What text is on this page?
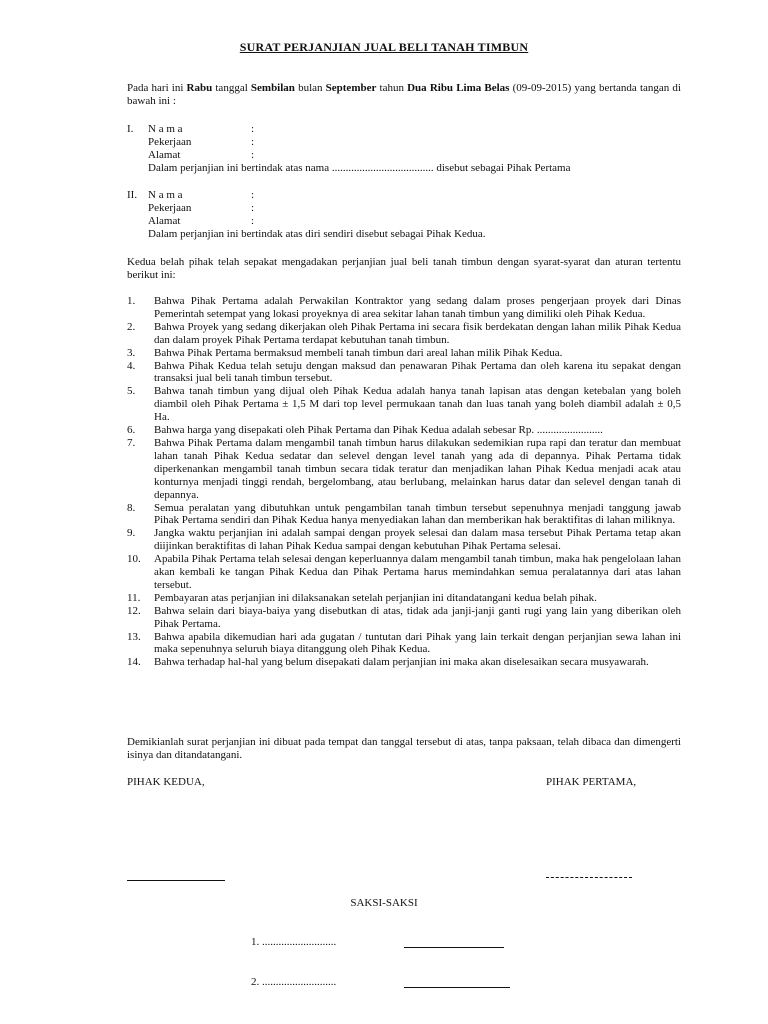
SURAT PERJANJIAN JUAL BELI TANAH TIMBUN
Pada hari ini Rabu tanggal Sembilan bulan September tahun Dua Ribu Lima Belas (09-09-2015) yang bertanda tangan di bawah ini :
I. N a m a	:
Pekerjaan	:
Alamat	:
Dalam perjanjian ini bertindak atas nama ..................................... disebut sebagai Pihak Pertama
II. N a m a	:
Pekerjaan	:
Alamat	:
Dalam perjanjian ini bertindak atas diri sendiri disebut sebagai Pihak Kedua.
Kedua belah pihak telah sepakat mengadakan perjanjian jual beli tanah timbun dengan syarat-syarat dan aturan tertentu berikut ini:
1. Bahwa Pihak Pertama adalah Perwakilan Kontraktor yang sedang dalam proses pengerjaan proyek dari Dinas Pemerintah setempat yang lokasi proyeknya di area sekitar lahan tanah timbun yang dimiliki oleh Pihak Kedua.
2. Bahwa Proyek yang sedang dikerjakan oleh Pihak Pertama ini secara fisik berdekatan dengan lahan milik Pihak Kedua dan dalam proyek Pihak Pertama terdapat kebutuhan tanah timbun.
3. Bahwa Pihak Pertama bermaksud membeli tanah timbun dari areal lahan milik Pihak Kedua.
4. Bahwa Pihak Kedua telah setuju dengan maksud dan penawaran Pihak Pertama dan oleh karena itu sepakat dengan transaksi jual beli tanah timbun tersebut.
5. Bahwa tanah timbun yang dijual oleh Pihak Kedua adalah hanya tanah lapisan atas dengan ketebalan yang boleh diambil oleh Pihak Pertama ± 1,5 M dari top level permukaan tanah dan luas tanah yang boleh diambil adalah ± 0,5 Ha.
6. Bahwa harga yang disepakati oleh Pihak Pertama dan Pihak Kedua adalah sebesar Rp. ........................
7. Bahwa Pihak Pertama dalam mengambil tanah timbun harus dilakukan sedemikian rupa rapi dan teratur dan membuat lahan tanah Pihak Kedua sedatar dan selevel dengan level tanah yang ada di depannya. Pihak Pertama tidak diperkenankan mengambil tanah timbun secara tidak teratur dan menjadikan lahan Pihak Kedua menjadi acak atau konturnya menjadi tinggi rendah, bergelombang, atau berlubang, melainkan harus datar dan selevel dengan tanah di depannya.
8. Semua peralatan yang dibutuhkan untuk pengambilan tanah timbun tersebut sepenuhnya menjadi tanggung jawab Pihak Pertama sendiri dan Pihak Kedua hanya menyediakan lahan dan memberikan hak beraktifitas di lahan miliknya.
9. Jangka waktu perjanjian ini adalah sampai dengan proyek selesai dan dalam masa tersebut Pihak Pertama tetap akan diijinkan beraktifitas di lahan Pihak Kedua sampai dengan kebutuhan Pihak Pertama selesai.
10. Apabila Pihak Pertama telah selesai dengan keperluannya dalam mengambil tanah timbun, maka hak pengelolaan lahan akan kembali ke tangan Pihak Kedua dan Pihak Pertama harus memindahkan semua peralatannya dari atas lahan tersebut.
11. Pembayaran atas perjanjian ini dilaksanakan setelah perjanjian ini ditandatangani kedua belah pihak.
12. Bahwa selain dari biaya-baiya yang disebutkan di atas, tidak ada janji-janji ganti rugi yang lain yang diberikan oleh Pihak Pertama.
13. Bahwa apabila dikemudian hari ada gugatan / tuntutan dari Pihak yang lain terkait dengan perjanjian sewa lahan ini maka sepenuhnya seluruh biaya ditanggung oleh Pihak Kedua.
14. Bahwa terhadap hal-hal yang belum disepakati dalam perjanjian ini maka akan diselesaikan secara musyawarah.
Demikianlah surat perjanjian ini dibuat pada tempat dan tanggal tersebut di atas, tanpa paksaan, telah dibaca dan dimengerti isinya dan ditandatangani.
PIHAK KEDUA,	PIHAK PERTAMA,
SAKSI-SAKSI
1. ...........................
2. ...........................
